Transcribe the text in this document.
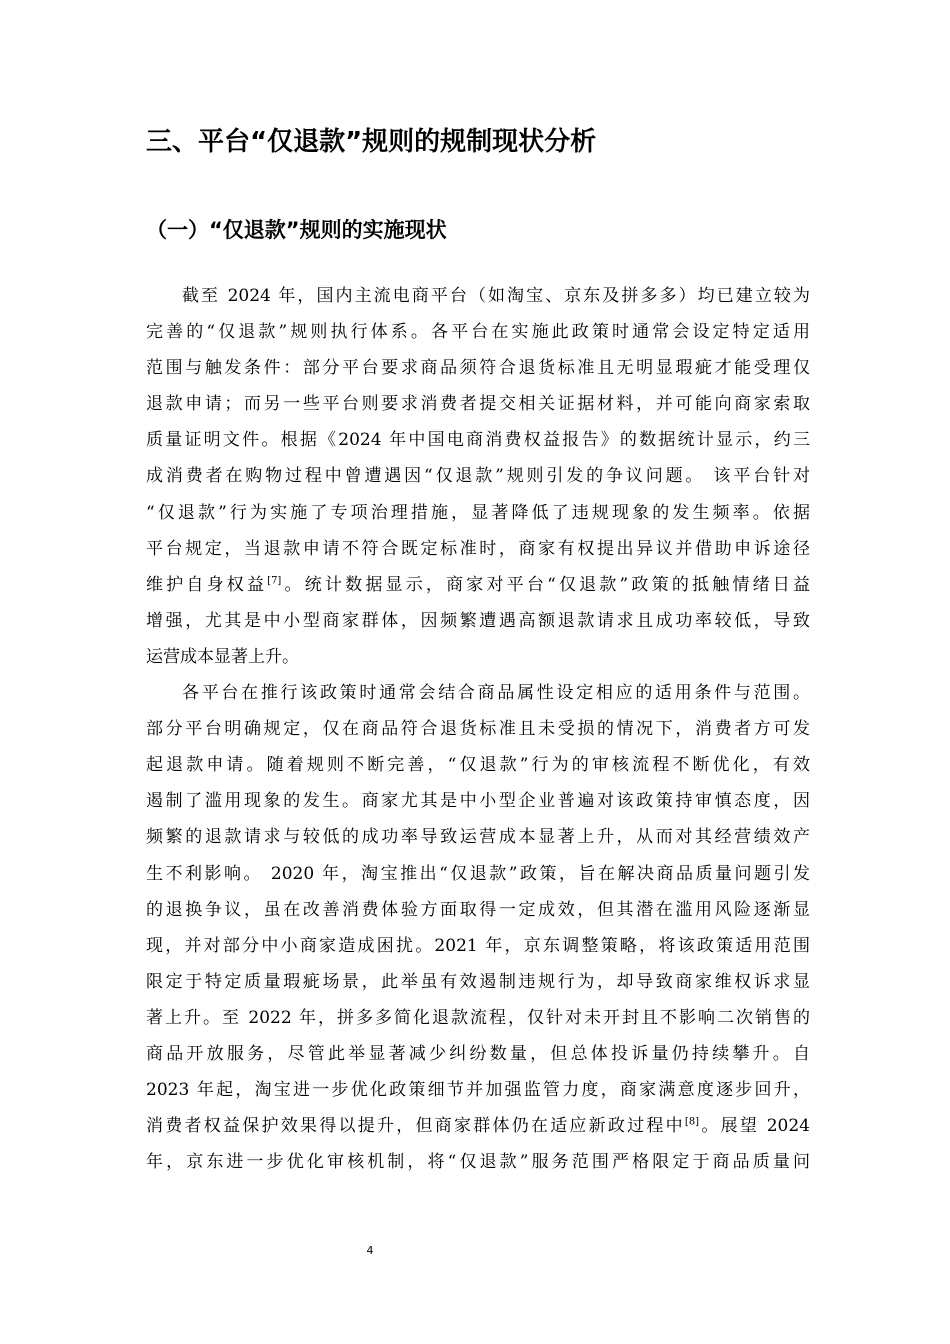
三、平台“仅退款”规则的规制现状分析
（一）“仅退款”规则的实施现状
截至 2024 年，国内主流电商平台（如淘宝、京东及拼多多）均已建立较为
完善的“仅退款”规则执行体系。各平台在实施此政策时通常会设定特定适用
范围与触发条件：部分平台要求商品须符合退货标准且无明显瑕疵才能受理仅
退款申请；而另一些平台则要求消费者提交相关证据材料，并可能向商家索取
质量证明文件。根据《2024 年中国电商消费权益报告》的数据统计显示，约三
成消费者在购物过程中曾遭遇因“仅退款”规则引发的争议问题。 该平台针对
“仅退款”行为实施了专项治理措施，显著降低了违规现象的发生频率。依据
平台规定，当退款申请不符合既定标准时，商家有权提出异议并借助申诉途径
维护自身权益[7]。统计数据显示，商家对平台“仅退款”政策的抵触情绪日益
增强，尤其是中小型商家群体，因频繁遭遇高额退款请求且成功率较低，导致
运营成本显著上升。
各平台在推行该政策时通常会结合商品属性设定相应的适用条件与范围。
部分平台明确规定，仅在商品符合退货标准且未受损的情况下，消费者方可发
起退款申请。随着规则不断完善，“仅退款”行为的审核流程不断优化，有效
遏制了滥用现象的发生。商家尤其是中小型企业普遍对该政策持审慎态度，因
频繁的退款请求与较低的成功率导致运营成本显著上升，从而对其经营绩效产
生不利影响。 2020 年，淘宝推出“仅退款”政策，旨在解决商品质量问题引发
的退换争议，虽在改善消费体验方面取得一定成效，但其潜在滥用风险逐渐显
现，并对部分中小商家造成困扰。2021 年，京东调整策略，将该政策适用范围
限定于特定质量瑕疵场景，此举虽有效遏制违规行为，却导致商家维权诉求显
著上升。至 2022 年，拼多多简化退款流程，仅针对未开封且不影响二次销售的
商品开放服务，尽管此举显著减少纠纷数量，但总体投诉量仍持续攀升。自
2023 年起，淘宝进一步优化政策细节并加强监管力度，商家满意度逐步回升，
消费者权益保护效果得以提升，但商家群体仍在适应新政过程中[8]。展望 2024
年，京东进一步优化审核机制，将“仅退款”服务范围严格限定于商品质量问
4
